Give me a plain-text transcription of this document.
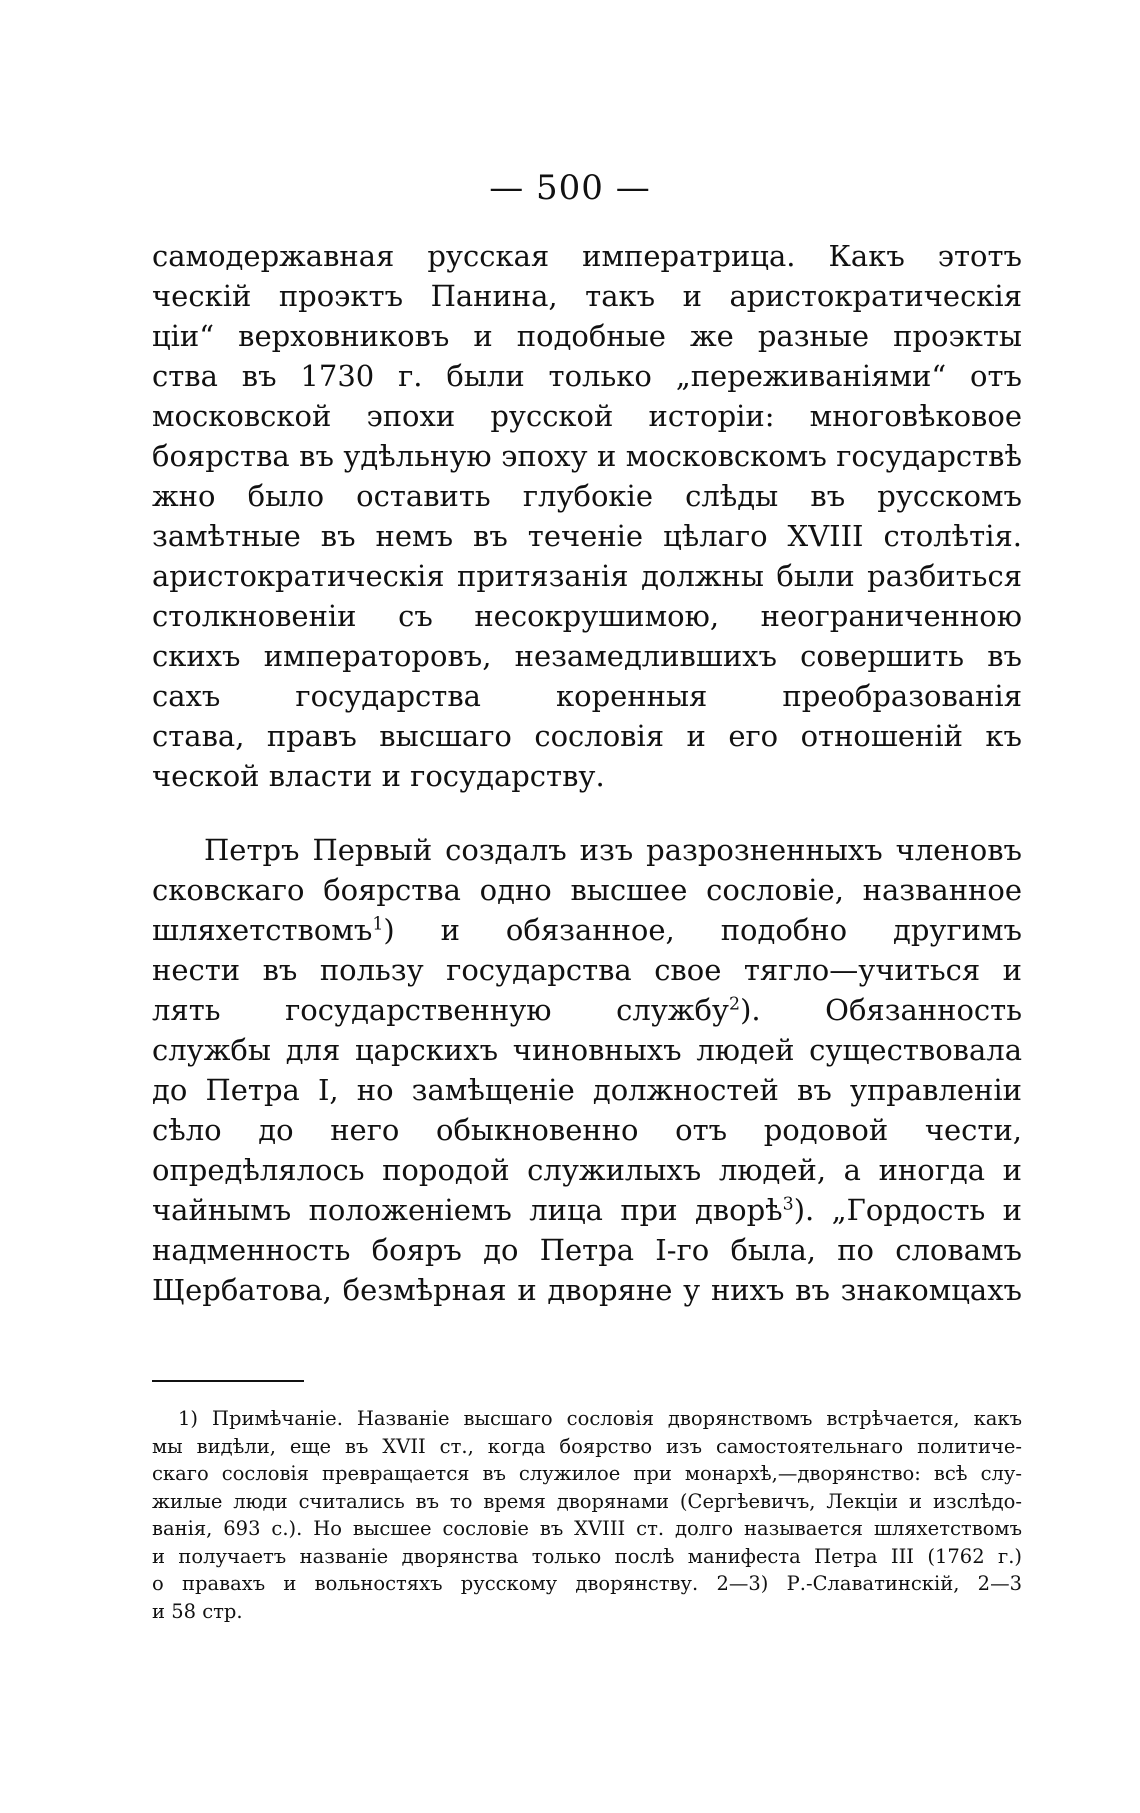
— 500 —
самодержавная русская императрица. Какъ этотъ
ческій проэктъ Панина, такъ и аристократическія
ціи“ верховниковъ и подобные же разные проэкты
ства въ 1730 г. были только „переживаніями“ отъ
московской эпохи русской исторіи: многовѣковое
боярства въ удѣльную эпоху и московскомъ государствѣ
жно было оставить глубокіе слѣды въ русскомъ
замѣтные въ немъ въ теченіе цѣлаго XVIII столѣтія.
аристократическія притязанія должны были разбиться
столкновеніи съ несокрушимою, неограниченною
скихъ императоровъ, незамедлившихъ совершить въ
сахъ государства коренныя преобразованія
става, правъ высшаго сословія и его отношеній къ
ческой власти и государству.
Петръ Первый создалъ изъ разрозненныхъ членовъ
сковскаго боярства одно высшее сословіе, названное
шляхетствомъ$^1$) и обязанное, подобно другимъ
нести въ пользу государства свое тягло—учиться и
лять государственную службу$^2$). Обязанность
службы для царскихъ чиновныхъ людей существовала
до Петра I, но замѣщеніе должностей въ управленіи
сѣло до него обыкновенно отъ родовой чести,
опредѣлялось породой служилыхъ людей, а иногда и
чайнымъ положеніемъ лица при дворѣ$^3$). „Гордость и
надменность бояръ до Петра I-го была, по словамъ
Щербатова, безмѣрная и дворяне у нихъ въ знакомцахъ
1) Примѣчаніе. Названіе высшаго сословія дворянствомъ встрѣчается, какъ
мы видѣли, еще въ XVII ст., когда боярство изъ самостоятельнаго политиче-
скаго сословія превращается въ служилое при монархѣ,—дворянство: всѣ слу-
жилые люди считались въ то время дворянами (Сергѣевичъ, Лекціи и изслѣдо-
ванія, 693 с.). Но высшее сословіе въ XVIII ст. долго называется шляхетствомъ
и получаетъ названіе дворянства только послѣ манифеста Петра III (1762 г.)
о правахъ и вольностяхъ русскому дворянству. 2—3) Р.-Славатинскій, 2—3
и 58 стр.
